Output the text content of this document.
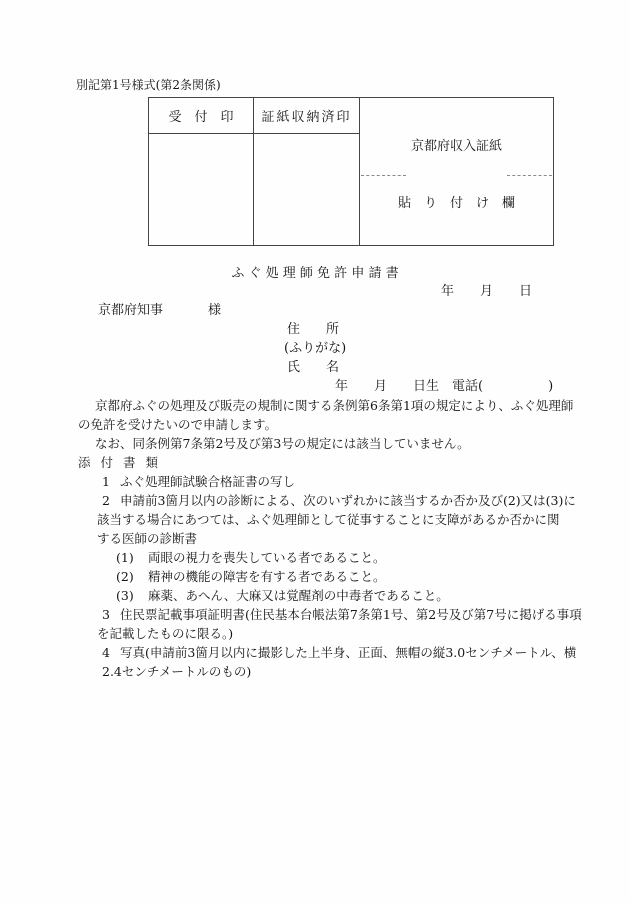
別記第1号様式(第2条関係)
受　付　印	証紙収納済印

京都府収入証紙

貼　り　付　け　欄

ふ ぐ 処 理 師 免 許 申 請 書
年　　月　　日
京都府知事	様
住　　所
(ふりがな)
氏　　名
年　　月　　日生　電話(　　　　　)
京都府ふぐの処理及び販売の規制に関する条例第6条第1項の規定により、ふぐ処理師
の免許を受けたいので申請します。
なお、同条例第7条第2号及び第3号の規定には該当していません。
添付書類
1 ふぐ処理師試験合格証書の写し
2 申請前3箇月以内の診断による、次のいずれかに該当するか否か及び(2)又は(3)に
該当する場合にあつては、ふぐ処理師として従事することに支障があるか否かに関
する医師の診断書
(1) 両眼の視力を喪失している者であること。
(2) 精神の機能の障害を有する者であること。
(3) 麻薬、あへん、大麻又は覚醒剤の中毒者であること。
3 住民票記載事項証明書(住民基本台帳法第7条第1号、第2号及び第7号に掲げる事項
を記載したものに限る。)
4 写真(申請前3箇月以内に撮影した上半身、正面、無帽の縦3.0センチメートル、横
2.4センチメートルのもの)
